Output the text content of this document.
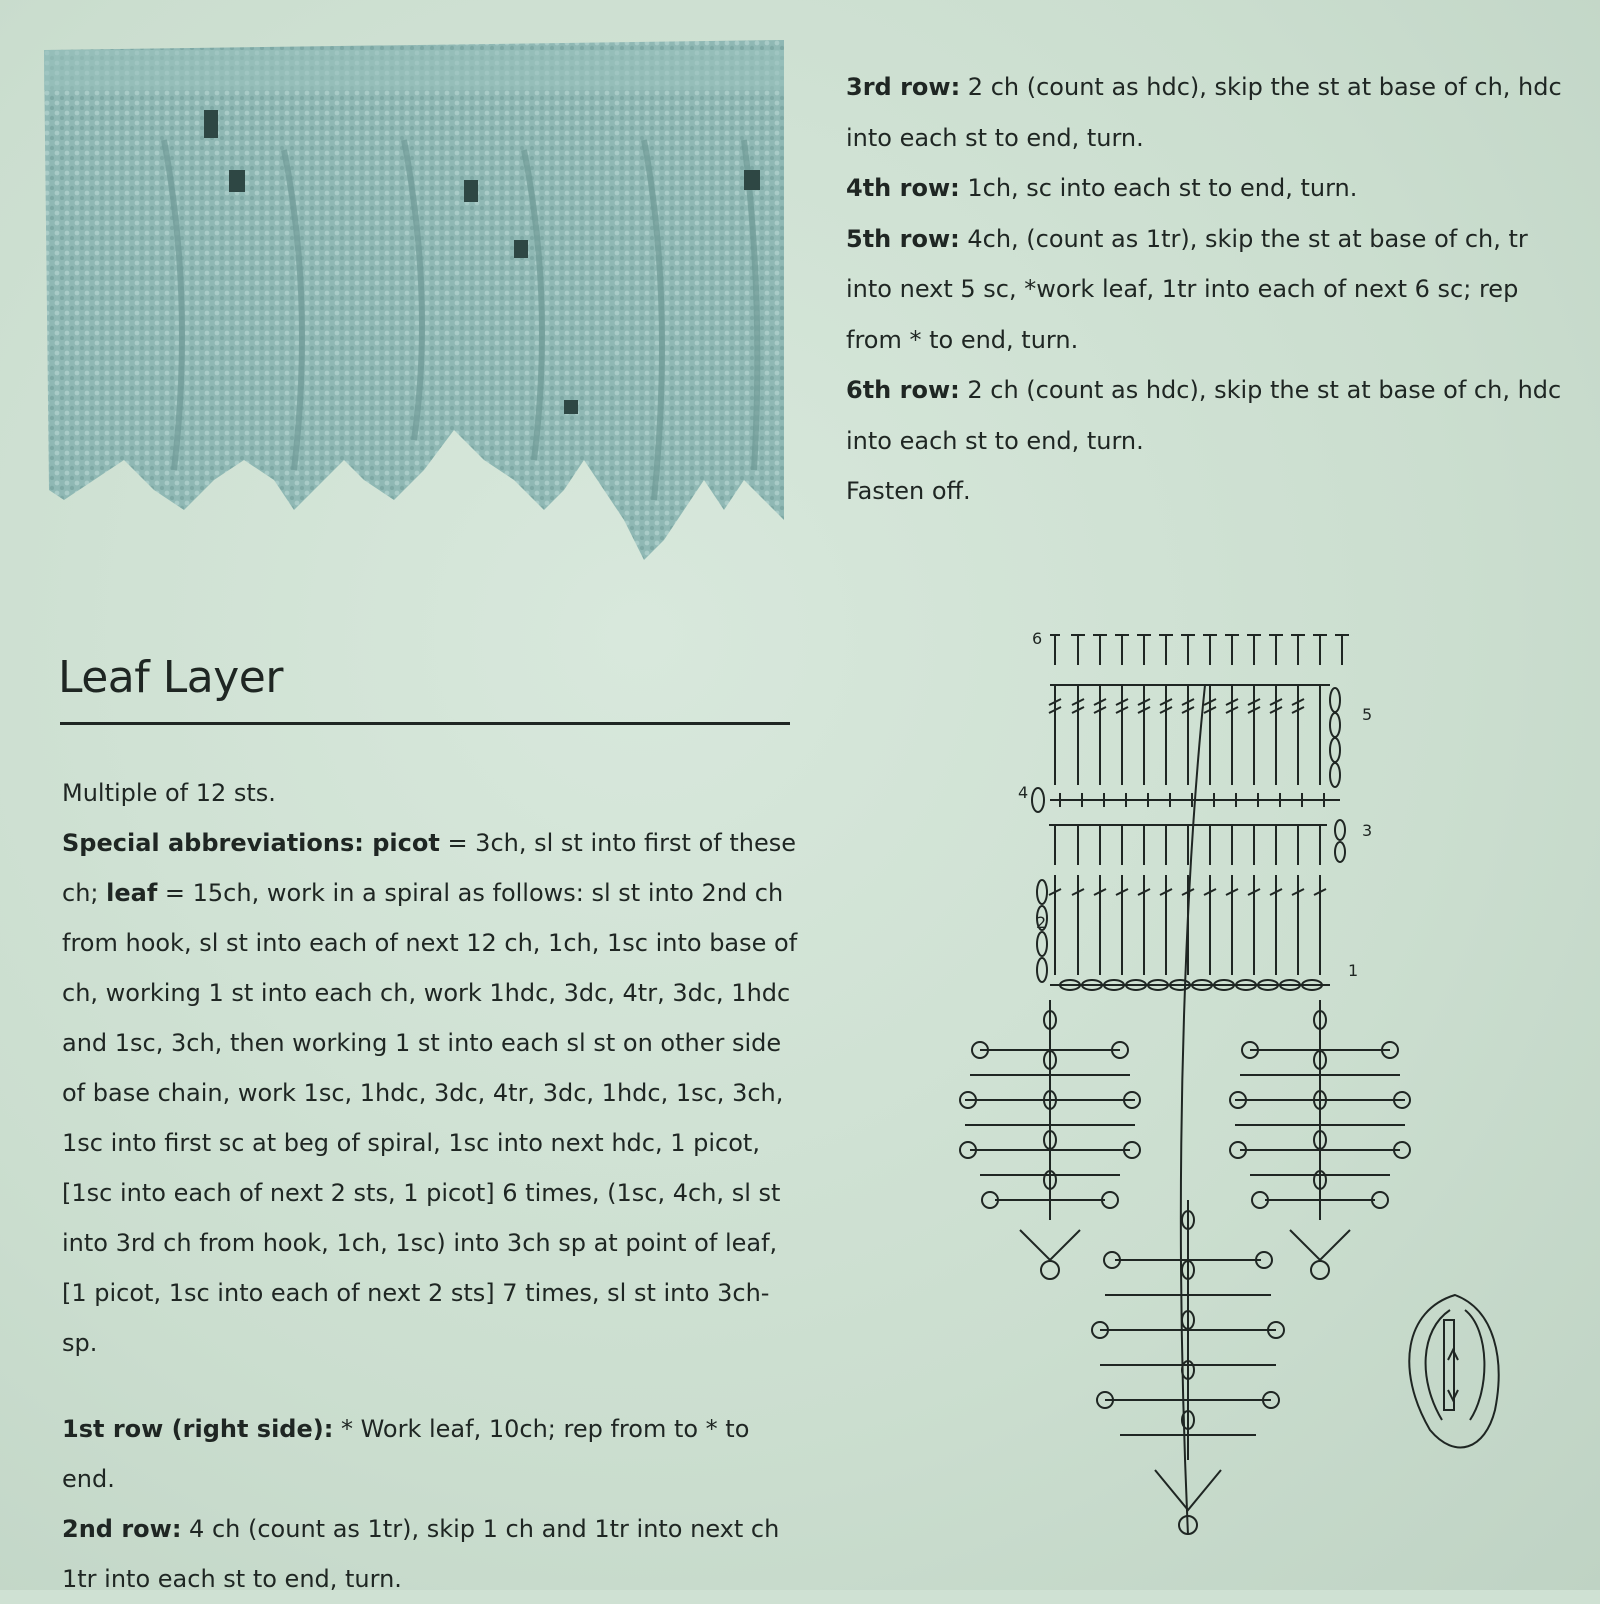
3rd row: 2 ch (count as hdc), skip the st at base of ch, hdc into each st to end, turn.

4th row: 1ch, sc into each st to end, turn.

5th row: 4ch, (count as 1tr), skip the st at base of ch, tr into next 5 sc, *work leaf, 1tr into each of next 6 sc; rep from * to end, turn.

6th row: 2 ch (count as hdc), skip the st at base of ch, hdc into each st to end, turn.

Fasten off.

Leaf Layer

Multiple of 12 sts.

Special abbreviations: picot = 3ch, sl st into first of these ch; leaf = 15ch, work in a spiral as follows: sl st into 2nd ch from hook, sl st into each of next 12 ch, 1ch, 1sc into base of ch, working 1 st into each ch, work 1hdc, 3dc, 4tr, 3dc, 1hdc and 1sc, 3ch, then working 1 st into each sl st on other side of base chain, work 1sc, 1hdc, 3dc, 4tr, 3dc, 1hdc, 1sc, 3ch, 1sc into first sc at beg of spiral, 1sc into next hdc, 1 picot, [1sc into each of next 2 sts, 1 picot] 6 times, (1sc, 4ch, sl st into 3rd ch from hook, 1ch, 1sc) into 3ch sp at point of leaf, [1 picot, 1sc into each of next 2 sts] 7 times, sl st into 3ch-sp.

1st row (right side): * Work leaf, 10ch; rep from to * to end.

2nd row: 4 ch (count as 1tr), skip 1 ch and 1tr into next ch 1tr into each st to end, turn.

6
5
4
3
2
1
